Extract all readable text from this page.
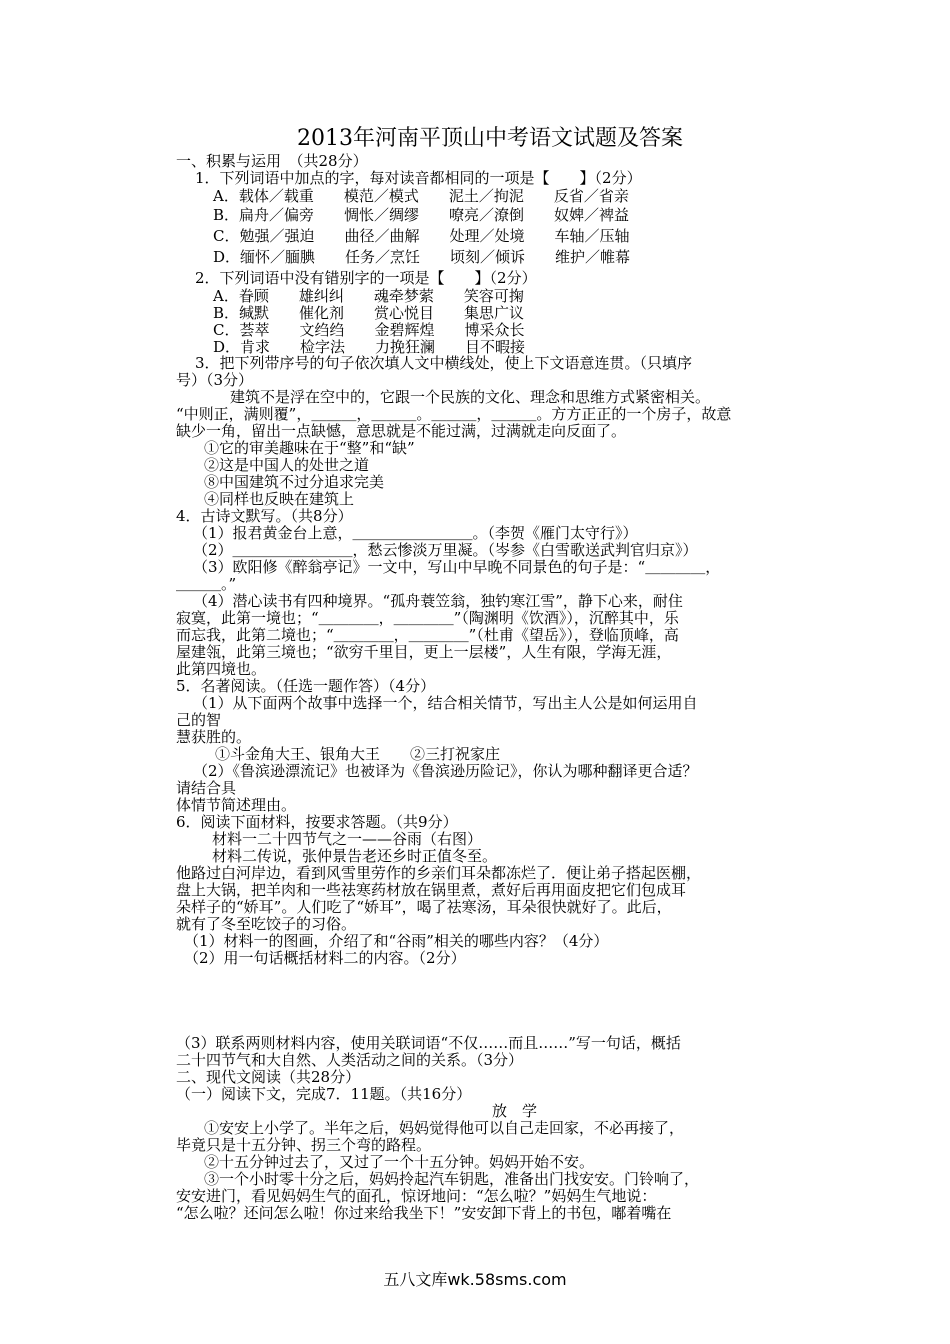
2013年河南平顶山中考语文试题及答案
一、积累与运用　（共28分）
1．下列词语中加点的字，每对读音都相同的一项是【　　】（2分）
A．载体／载重　　模范／模式　　泥土／拘泥　　反省／省亲
B．扁舟／偏旁　　惆怅／绸缪　　嘹亮／潦倒　　奴婢／裨益
C．勉强／强迫　　曲径／曲解　　处理／处境　　车轴／压轴
D．缅怀／腼腆　　任务／烹饪　　顷刻／倾诉　　维护／帷幕
2．下列词语中没有错别字的一项是【　　】（2分）
A．眷顾　　雄纠纠　　魂牵梦萦　　笑容可掬
B．缄默　　催化剂　　赏心悦目　　集思广议
C．荟萃　　文绉绉　　金碧辉煌　　博采众长
D．肯求　　检字法　　力挽狂澜　　目不暇接
3．把下列带序号的句子依次填人文中横线处，使上下文语意连贯。（只填序
号）（3分）
建筑不是浮在空中的，它跟一个民族的文化、理念和思维方式紧密相关。
“中则正，满则覆”，＿＿＿，＿＿＿。＿＿＿，＿＿＿。方方正正的一个房子，故意
缺少一角，留出一点缺憾，意思就是不能过满，过满就走向反面了。
①它的审美趣味在于“整”和“缺”
②这是中国人的处世之道
⑧中国建筑不过分追求完美
④同样也反映在建筑上
4．古诗文默写。（共8分）
（1）报君黄金台上意，＿＿＿＿＿＿＿＿。（李贺《雁门太守行》）
（2）＿＿＿＿＿＿＿＿，愁云惨淡万里凝。（岑参《白雪歌送武判官归京》）
（3）欧阳修《醉翁亭记》一文中，写山中早晚不同景色的句子是：“＿＿＿＿，
＿＿＿。”
（4）潜心读书有四种境界。“孤舟蓑笠翁，独钓寒江雪”，静下心来，耐住
寂寞，此第一境也；“＿＿＿＿，＿＿＿＿”（陶渊明《饮酒》），沉醉其中，乐
而忘我，此第二境也；“＿＿＿＿，＿＿＿＿”（杜甫《望岳》），登临顶峰，高
屋建瓴，此第三境也；“欲穷千里目，更上一层楼”，人生有限，学海无涯，
此第四境也。
5．名著阅读。（任选一题作答）（4分）
（1）从下面两个故事中选择一个，结合相关情节，写出主人公是如何运用自
己的智
慧获胜的。
①斗金角大王、银角大王　　②三打祝家庄
（2）《鲁滨逊漂流记》也被译为《鲁滨逊历险记》，你认为哪种翻译更合适？
请结合具
体情节简述理由。
6．阅读下面材料，按要求答题。（共9分）
材料一二十四节气之一——谷雨（右图）
材料二传说，张仲景告老还乡时正值冬至。
他路过白河岸边，看到风雪里劳作的乡亲们耳朵都冻烂了．便让弟子搭起医棚，
盘上大锅，把羊肉和一些祛寒药材放在锅里煮，煮好后再用面皮把它们包成耳
朵样子的“娇耳”。人们吃了“娇耳”，喝了祛寒汤，耳朵很快就好了。此后，
就有了冬至吃饺子的习俗。
（1）材料一的图画，介绍了和“谷雨”相关的哪些内容？（4分）
（2）用一句话概括材料二的内容。（2分）
（3）联系两则材料内容，使用关联词语“不仅……而且……”写一句话，概括
二十四节气和大自然、人类活动之间的关系。（3分）
二、现代文阅读（共28分）
（一）阅读下文，完成7．11题。（共16分）
放　学
①安安上小学了。半年之后，妈妈觉得他可以自己走回家，不必再接了，
毕竟只是十五分钟、拐三个弯的路程。
②十五分钟过去了，又过了一个十五分钟。妈妈开始不安。
③一个小时零十分之后，妈妈拎起汽车钥匙，准备出门找安安。门铃响了，
安安进门，看见妈妈生气的面孔，惊讶地问：“怎么啦？”妈妈生气地说：
“怎么啦？还问怎么啦！你过来给我坐下！”安安卸下背上的书包，嘟着嘴在
五八文库wk.58sms.com
